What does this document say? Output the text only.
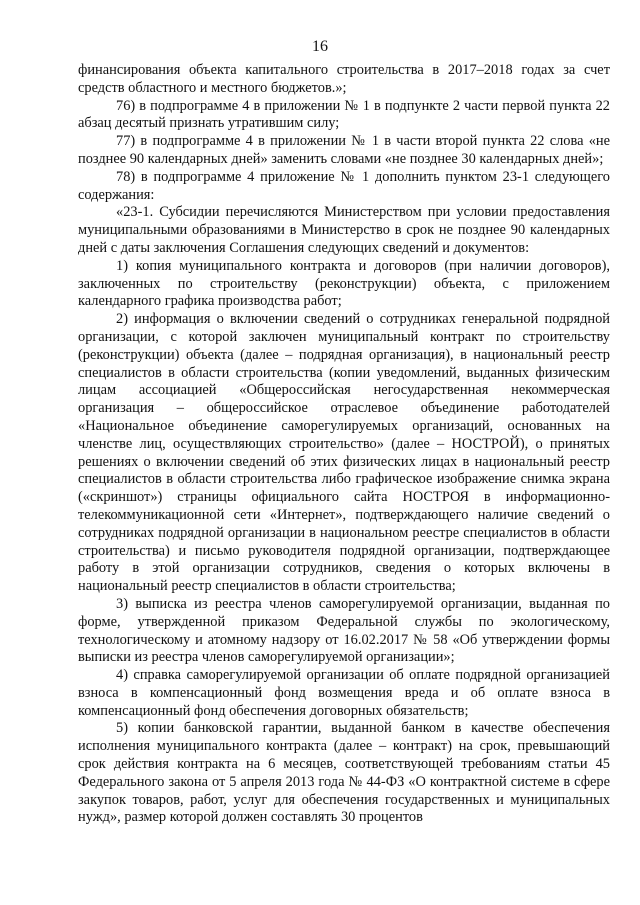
16

финансирования объекта капитального строительства в 2017–2018 годах за счет средств областного и местного бюджетов.»;

76) в подпрограмме 4 в приложении № 1 в подпункте 2 части первой пункта 22 абзац десятый признать утратившим силу;

77) в подпрограмме 4 в приложении № 1 в части второй пункта 22 слова «не позднее 90 календарных дней» заменить словами «не позднее 30 календарных дней»;

78) в подпрограмме 4 приложение № 1 дополнить пунктом 23-1 следующего содержания:

«23-1. Субсидии перечисляются Министерством при условии предоставления муниципальными образованиями в Министерство в срок не позднее 90 календарных дней с даты заключения Соглашения следующих сведений и документов:

1) копия муниципального контракта и договоров (при наличии договоров), заключенных по строительству (реконструкции) объекта, с приложением календарного графика производства работ;

2) информация о включении сведений о сотрудниках генеральной подрядной организации, с которой заключен муниципальный контракт по строительству (реконструкции) объекта (далее – подрядная организация), в национальный реестр специалистов в области строительства (копии уведомлений, выданных физическим лицам ассоциацией «Общероссийская негосударственная некоммерческая организация – общероссийское отраслевое объединение работодателей «Национальное объединение саморегулируемых организаций, основанных на членстве лиц, осуществляющих строительство» (далее – НОСТРОЙ), о принятых решениях о включении сведений об этих физических лицах в национальный реестр специалистов в области строительства либо графическое изображение снимка экрана («скриншот») страницы официального сайта НОСТРОЯ в информационно-телекоммуникационной сети «Интернет», подтверждающего наличие сведений о сотрудниках подрядной организации в национальном реестре специалистов в области строительства) и письмо руководителя подрядной организации, подтверждающее работу в этой организации сотрудников, сведения о которых включены в национальный реестр специалистов в области строительства;

3) выписка из реестра членов саморегулируемой организации, выданная по форме, утвержденной приказом Федеральной службы по экологическому, технологическому и атомному надзору от 16.02.2017 № 58 «Об утверждении формы выписки из реестра членов саморегулируемой организации»;

4) справка саморегулируемой организации об оплате подрядной организацией взноса в компенсационный фонд возмещения вреда и об оплате взноса в компенсационный фонд обеспечения договорных обязательств;

5) копии банковской гарантии, выданной банком в качестве обеспечения исполнения муниципального контракта (далее – контракт) на срок, превышающий срок действия контракта на 6 месяцев, соответствующей требованиям статьи 45 Федерального закона от 5 апреля 2013 года № 44-ФЗ «О контрактной системе в сфере закупок товаров, работ, услуг для обеспечения государственных и муниципальных нужд», размер которой должен составлять 30 процентов
